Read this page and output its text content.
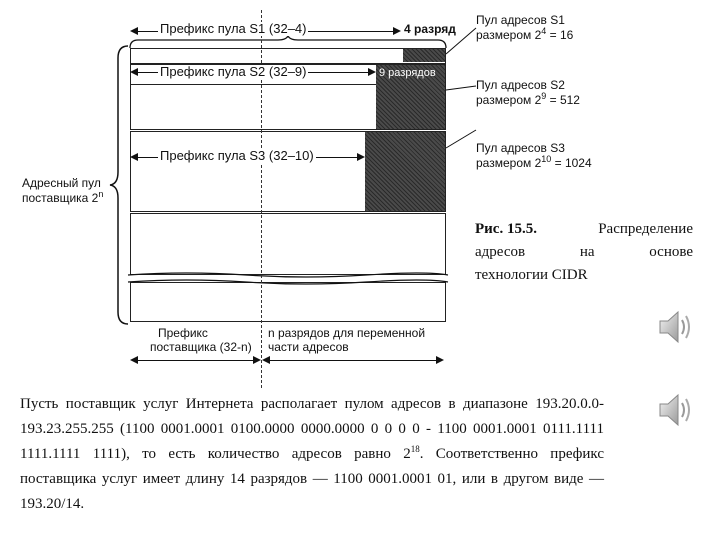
Префикс пула S1 (32–4)	4 разряд
Префикс пула S2 (32–9)	9 разрядов
Префикс пула S3 (32–10)
Пул адресов S1
размером $2^4 = 16$
Пул адресов S2
размером $2^9 = 512$
Пул адресов S3
размером $2^{10} = 1024$
Адресный пул
поставщика 2$^n$
Префикс
поставщика (32-n)
n разрядов для переменной
части адресов
Рис. 15.5.	Распределение
адресов	на	основе
технологии CIDR

Пусть поставщик услуг Интернета располагает пулом адресов в диапазоне 193.20.0.0-193.23.255.255 (1100 0001.0001 0100.0000 0000.0000 0 0 0 0 - 1100 0001.0001 0111.1111 1111.1111 1111), то есть количество адресов равно $2^{18}$. Соответственно префикс поставщика услуг имеет длину 14 разрядов — 1100 0001.0001 01, или в другом виде — 193.20/14.
